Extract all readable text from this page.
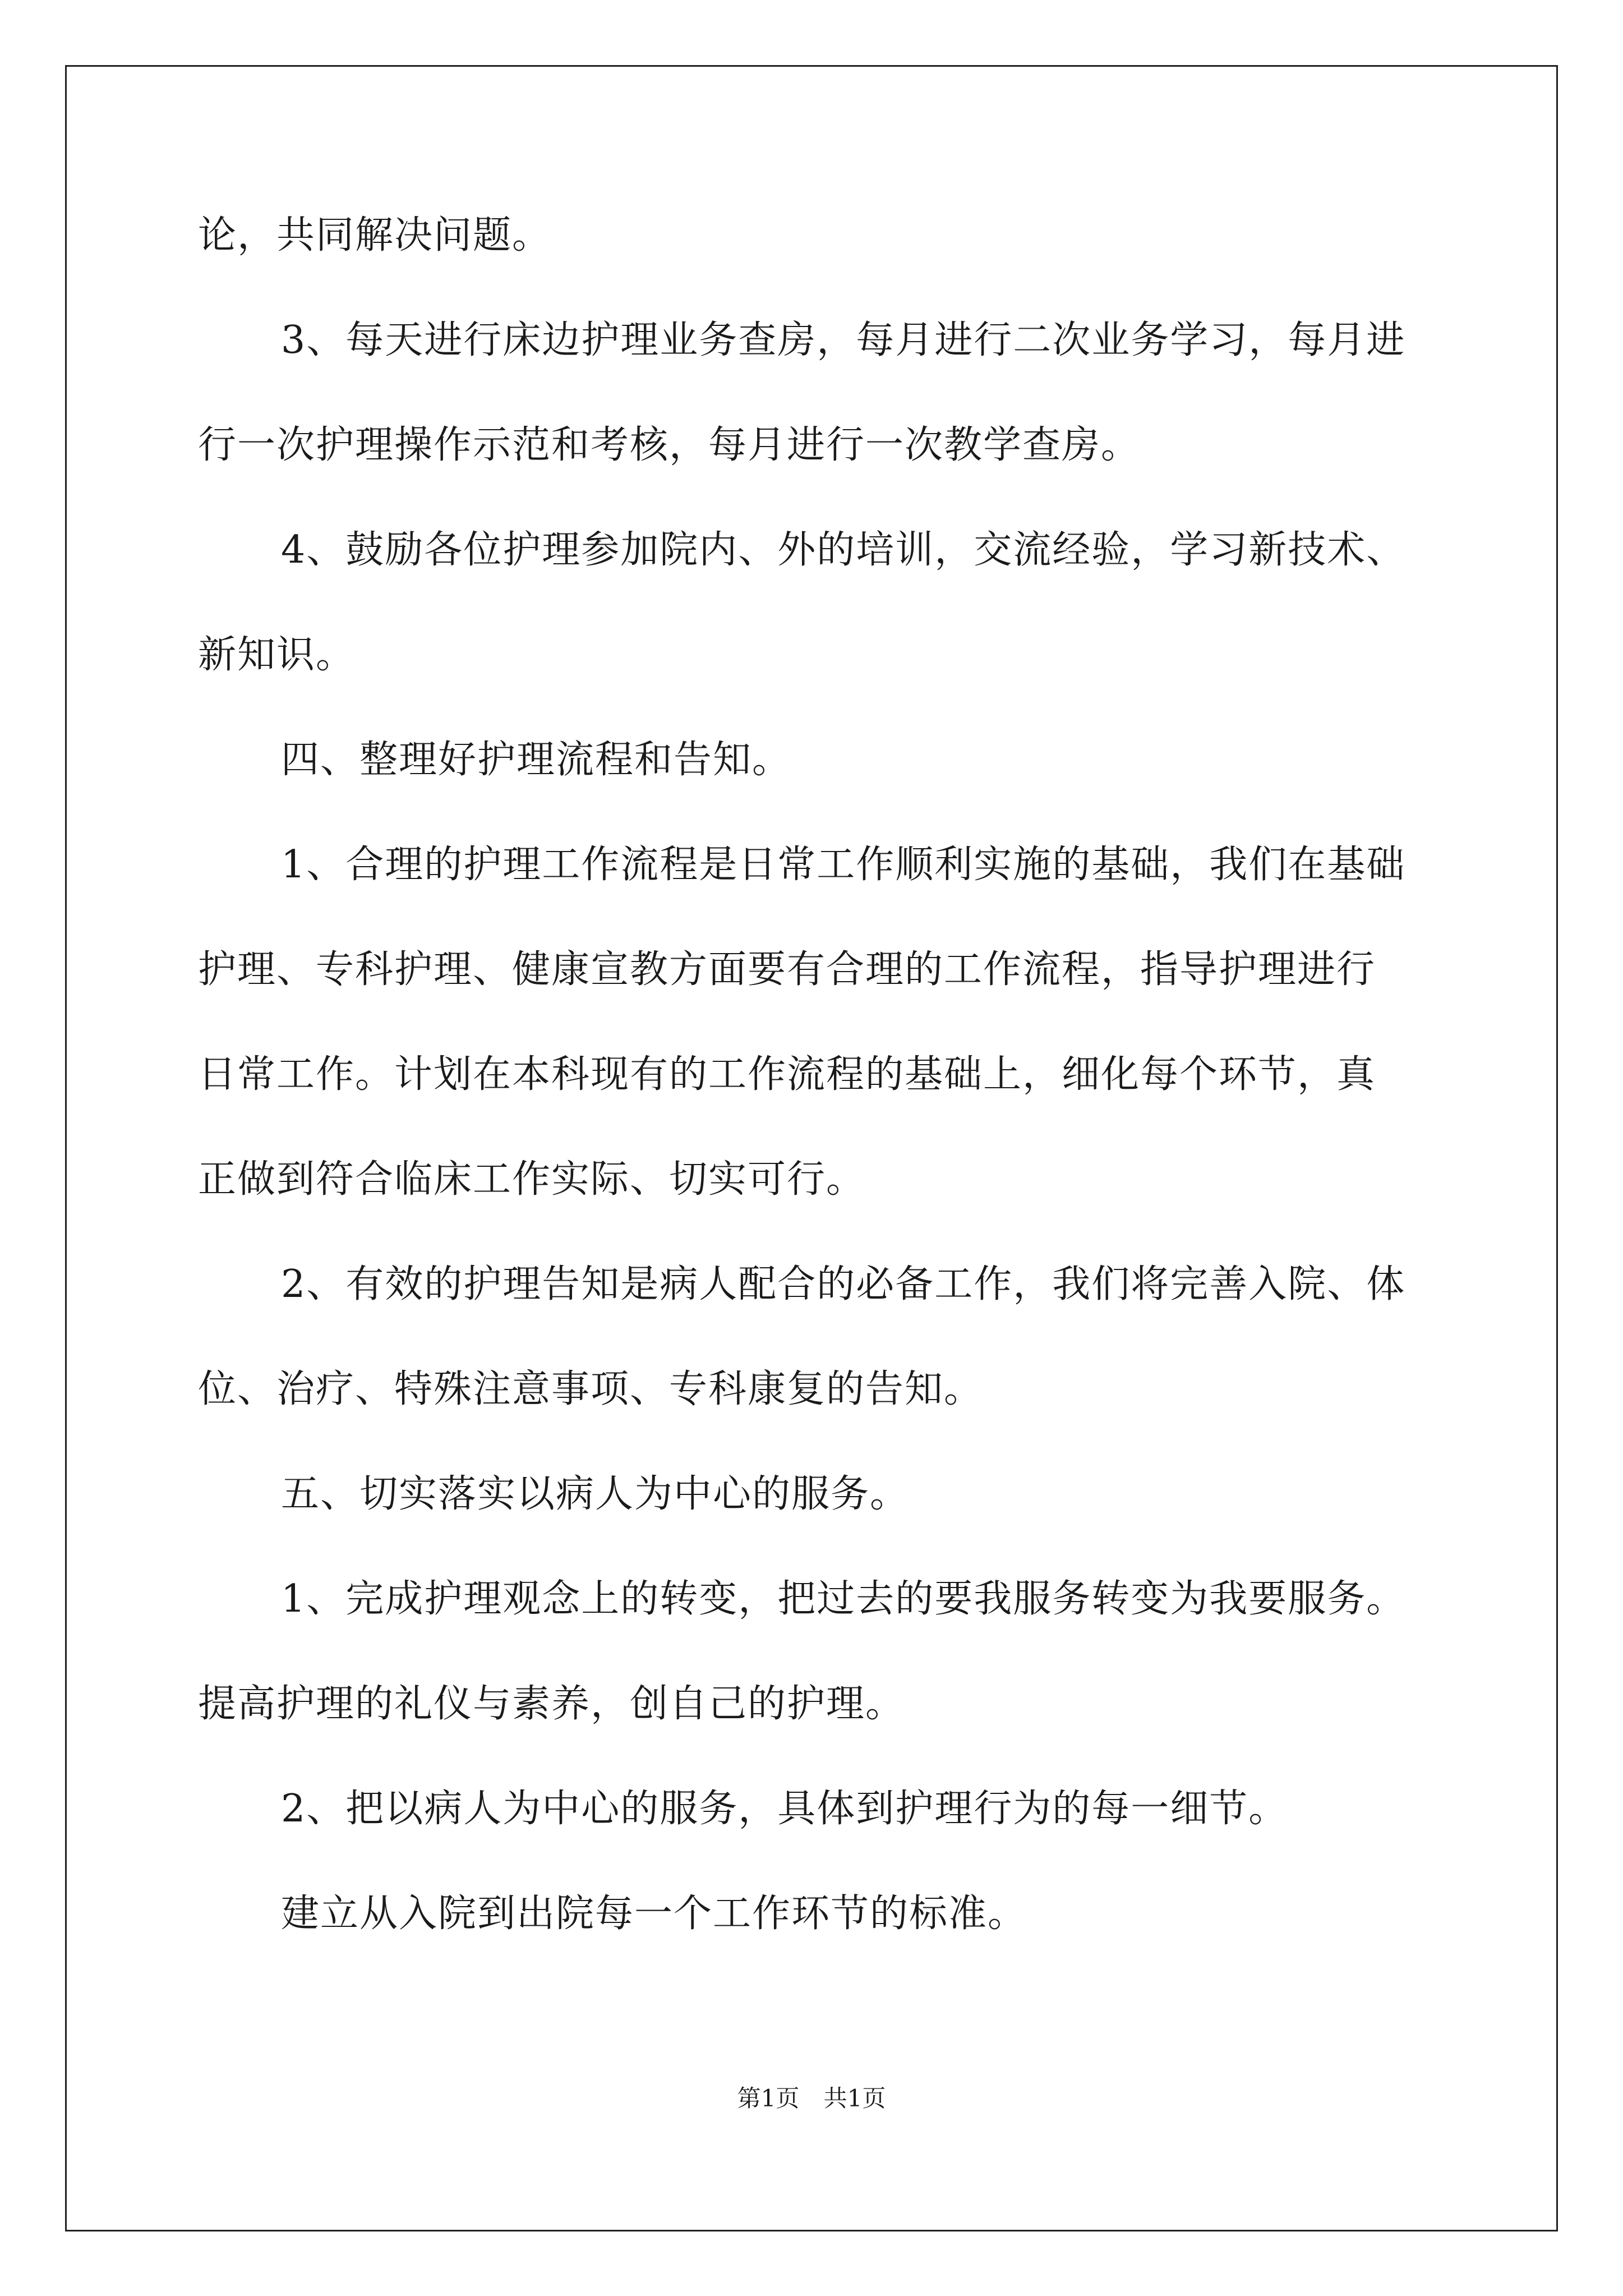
论，共同解决问题。
3、每天进行床边护理业务查房，每月进行二次业务学习，每月进
行一次护理操作示范和考核，每月进行一次教学查房。
4、鼓励各位护理参加院内、外的培训，交流经验，学习新技术、
新知识。
四、整理好护理流程和告知。
1、合理的护理工作流程是日常工作顺利实施的基础，我们在基础
护理、专科护理、健康宣教方面要有合理的工作流程，指导护理进行
日常工作。计划在本科现有的工作流程的基础上，细化每个环节，真
正做到符合临床工作实际、切实可行。
2、有效的护理告知是病人配合的必备工作，我们将完善入院、体
位、治疗、特殊注意事项、专科康复的告知。
五、切实落实以病人为中心的服务。
1、完成护理观念上的转变，把过去的要我服务转变为我要服务。
提高护理的礼仪与素养，创自己的护理。
2、把以病人为中心的服务，具体到护理行为的每一细节。
建立从入院到出院每一个工作环节的标准。
第1页 共1页
